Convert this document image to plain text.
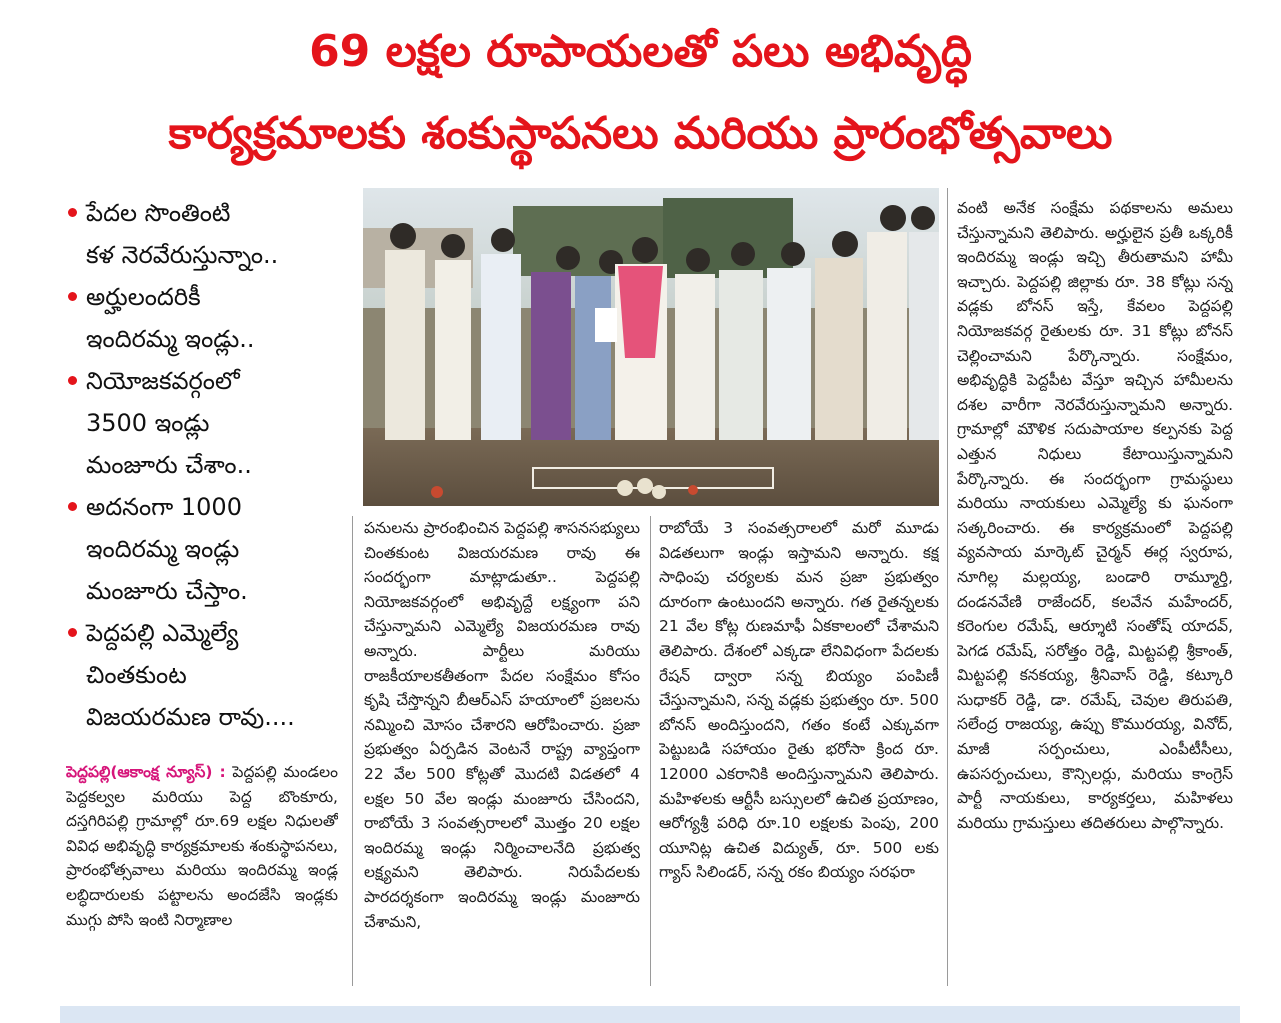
69 లక్షల రూపాయలతో పలు అభివృద్ధి
కార్యక్రమాలకు శంకుస్థాపనలు మరియు ప్రారంభోత్సవాలు

పేదల సొంతింటి
కళ నెరవేరుస్తున్నాం..

అర్హులందరికీ
ఇందిరమ్మ ఇండ్లు..

నియోజకవర్గంలో
3500 ఇండ్లు
మంజూరు చేశాం..

అదనంగా 1000
ఇందిరమ్మ ఇండ్లు
మంజూరు చేస్తాం.

పెద్దపల్లి ఎమ్మెల్యే
చింతకుంట
విజయరమణ రావు....

పెద్దపల్లి(ఆకాంక్ష న్యూస్) : పెద్దపల్లి మండలం పెద్దకల్వల మరియు పెద్ద బొంకూరు, దస్తగిరిపల్లి గ్రామాల్లో రూ.69 లక్షల నిధులతో వివిధ అభివృద్ధి కార్యక్రమాలకు శంకుస్థాపనలు, ప్రారంభోత్సవాలు మరియు ఇందిరమ్మ ఇండ్ల లబ్ధిదారులకు పట్టాలను అందజేసి ఇండ్లకు ముగ్గు పోసి ఇంటి నిర్మాణాల
పనులను ప్రారంభించిన పెద్దపల్లి శాసనసభ్యులు చింతకుంట విజయరమణ రావు ఈ సందర్భంగా మాట్లాడుతూ.. పెద్దపల్లి నియోజకవర్గంలో అభివృద్దే లక్ష్యంగా పని చేస్తున్నామని ఎమ్మెల్యే విజయరమణ రావు అన్నారు. పార్టీలు మరియు రాజకీయాలకతీతంగా పేదల సంక్షేమం కోసం కృషి చేస్తొన్నని బీఆర్ఎస్ హయాంలో ప్రజలను నమ్మించి మోసం చేశారని ఆరోపించారు. ప్రజా ప్రభుత్వం ఏర్పడిన వెంటనే రాష్ట్ర వ్యాప్తంగా 22 వేల 500 కోట్లతో మొదటి విడతలో 4 లక్షల 50 వేల ఇండ్లు మంజూరు చేసిందని, రాబోయే 3 సంవత్సరాలలో మొత్తం 20 లక్షల ఇందిరమ్మ ఇండ్లు నిర్మించాలనేది ప్రభుత్వ లక్ష్యమని తెలిపారు. నిరుపేదలకు పారదర్శకంగా ఇందిరమ్మ ఇండ్లు మంజూరు చేశామని,
రాబోయే 3 సంవత్సరాలలో మరో మూడు విడతలుగా ఇండ్లు ఇస్తామని అన్నారు. కక్ష సాధింపు చర్యలకు మన ప్రజా ప్రభుత్వం దూరంగా ఉంటుందని అన్నారు. గత రైతన్నలకు 21 వేల కోట్ల రుణమాఫీ ఏకకాలంలో చేశామని తెలిపారు. దేశంలో ఎక్కడా లేనివిధంగా పేదలకు రేషన్ ద్వారా సన్న బియ్యం పంపిణీ చేస్తున్నామని, సన్న వడ్లకు ప్రభుత్వం రూ. 500 బోనస్ అందిస్తుందని, గతం కంటే ఎక్కువగా పెట్టుబడి సహాయం రైతు భరోసా క్రింద రూ. 12000 ఎకరానికి అందిస్తున్నామని తెలిపారు. మహిళలకు ఆర్టీసీ బస్సులలో ఉచిత ప్రయాణం, ఆరోగ్యశ్రీ పరిధి రూ.10 లక్షలకు పెంపు, 200 యూనిట్ల ఉచిత విద్యుత్, రూ. 500 లకు గ్యాస్ సిలిండర్, సన్న రకం బియ్యం సరఫరా
వంటి అనేక సంక్షేమ పథకాలను అమలు చేస్తున్నామని తెలిపారు. అర్హులైన ప్రతీ ఒక్కరికీ ఇందిరమ్మ ఇండ్లు ఇచ్చి తీరుతామని హామీ ఇచ్చారు. పెద్దపల్లి జిల్లాకు రూ. 38 కోట్లు సన్న వడ్లకు బోనస్ ఇస్తే, కేవలం పెద్దపల్లి నియోజకవర్గ రైతులకు రూ. 31 కోట్లు బోనస్ చెల్లించామని పేర్కొన్నారు. సంక్షేమం, అభివృద్ధికి పెద్దపీట వేస్తూ ఇచ్చిన హామీలను దశల వారీగా నెరవేరుస్తున్నామని అన్నారు. గ్రామాల్లో మౌళిక సదుపాయాల కల్పనకు పెద్ద ఎత్తున నిధులు కేటాయిస్తున్నామని పేర్కొన్నారు. ఈ సందర్భంగా గ్రామస్థులు మరియు నాయకులు ఎమ్మెల్యే కు ఘనంగా సత్కరించారు. ఈ కార్యక్రమంలో పెద్దపల్లి వ్యవసాయ మార్కెట్ చైర్మన్ ఈర్ల స్వరూప, నూగిల్ల మల్లయ్య, బండారి రామ్మూర్తి, దండనవేణి రాజేందర్, కలవేన మహేందర్, కరెంగుల రమేష్, ఆర్శూటి సంతోష్ యాదవ్, పెగడ రమేష్, సరోత్తం రెడ్డి, మిట్టపల్లి శ్రీకాంత్, మిట్టపల్లి కనకయ్య, శ్రీనివాస్ రెడ్డి, కట్కూరి సుధాకర్ రెడ్డి, డా. రమేష్, చెవుల తిరుపతి, సలేంద్ర రాజయ్య, ఉప్పు కొమురయ్య, వినోద్, మాజీ సర్పంచులు, ఎంపీటీసీలు, ఉపసర్పంచులు, కౌన్సిలర్లు, మరియు కాంగ్రెస్ పార్టీ నాయకులు, కార్యకర్తలు, మహిళలు మరియు గ్రామస్తులు తదితరులు పాల్గొన్నారు.
